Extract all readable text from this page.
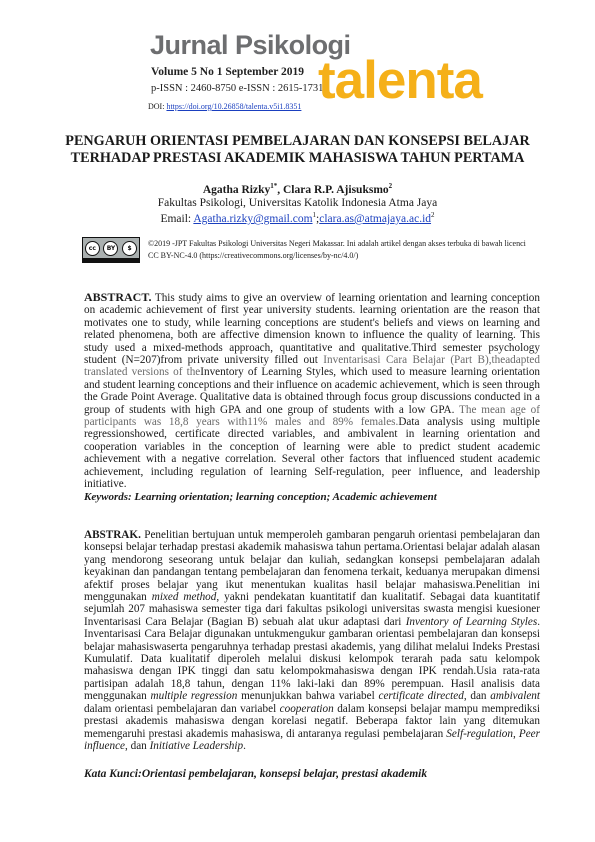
Jurnal Psikologi
Volume 5 No 1 September 2019
p-ISSN : 2460-8750 e-ISSN : 2615-1731
talenta
DOI: https://doi.org/10.26858/talenta.v5i1.8351
PENGARUH ORIENTASI PEMBELAJARAN DAN KONSEPSI BELAJAR TERHADAP PRESTASI AKADEMIK MAHASISWA TAHUN PERTAMA
Agatha Rizky$^{1*}$, Clara R.P. Ajisuksmo$^2$
Fakultas Psikologi, Universitas Katolik Indonesia Atma Jaya
Email: $Agatha.rizky@gmail.com^1;clara.as@atmajaya.ac.id^2$
cc	BY	$	©2019 -JPT Fakultas Psikologi Universitas Negeri Makassar. Ini adalah artikel dengan akses terbuka di bawah licenci CC BY-NC-4.0 (https://creativecommons.org/licenses/by-nc/4.0/)
ABSTRACT. This study aims to give an overview of learning orientation and learning conception on academic achievement of first year university students. learning orientation are the reason that motivates one to study, while learning conceptions are student's beliefs and views on learning and related phenomena, both are affective dimension known to influence the quality of learning. This study used a mixed-methods approach, quantitative and qualitative.Third semester psychology student (N=207)from private university filled out Inventarisasi Cara Belajar (Part B),theadapted translated versions of theInventory of Learning Styles, which used to measure learning orientation and student learning conceptions and their influence on academic achievement, which is seen through the Grade Point Average. Qualitative data is obtained through focus group discussions conducted in a group of students with high GPA and one group of students with a low GPA. The mean age of participants was 18,8 years with11% males and 89% females.Data analysis using multiple regressionshowed, certificate directed variables, and ambivalent in learning orientation and cooperation variables in the conception of learning were able to predict student academic achievement with a negative correlation. Several other factors that influenced student academic achievement, including regulation of learning Self-regulation, peer influence, and leadership initiative.
Keywords: Learning orientation; learning conception; Academic achievement
ABSTRAK. Penelitian bertujuan untuk memperoleh gambaran pengaruh orientasi pembelajaran dan konsepsi belajar terhadap prestasi akademik mahasiswa tahun pertama.Orientasi belajar adalah alasan yang mendorong seseorang untuk belajar dan kuliah, sedangkan konsepsi pembelajaran adalah keyakinan dan pandangan tentang pembelajaran dan fenomena terkait, keduanya merupakan dimensi afektif proses belajar yang ikut menentukan kualitas hasil belajar mahasiswa.Penelitian ini menggunakan mixed method, yakni pendekatan kuantitatif dan kualitatif. Sebagai data kuantitatif sejumlah 207 mahasiswa semester tiga dari fakultas psikologi universitas swasta mengisi kuesioner Inventarisasi Cara Belajar (Bagian B) sebuah alat ukur adaptasi dari Inventory of Learning Styles. Inventarisasi Cara Belajar digunakan untukmengukur gambaran orientasi pembelajaran dan konsepsi belajar mahasiswaserta pengaruhnya terhadap prestasi akademis, yang dilihat melalui Indeks Prestasi Kumulatif. Data kualitatif diperoleh melalui diskusi kelompok terarah pada satu kelompok mahasiswa dengan IPK tinggi dan satu kelompokmahasiswa dengan IPK rendah.Usia rata-rata partisipan adalah 18,8 tahun, dengan 11% laki-laki dan 89% perempuan. Hasil analisis data menggunakan multiple regression menunjukkan bahwa variabel certificate directed, dan ambivalent dalam orientasi pembelajaran dan variabel cooperation dalam konsepsi belajar mampu memprediksi prestasi akademis mahasiswa dengan korelasi negatif. Beberapa faktor lain yang ditemukan memengaruhi prestasi akademis mahasiswa, di antaranya regulasi pembelajaran Self-regulation, Peer influence, dan Initiative Leadership.
Kata Kunci:Orientasi pembelajaran, konsepsi belajar, prestasi akademik
